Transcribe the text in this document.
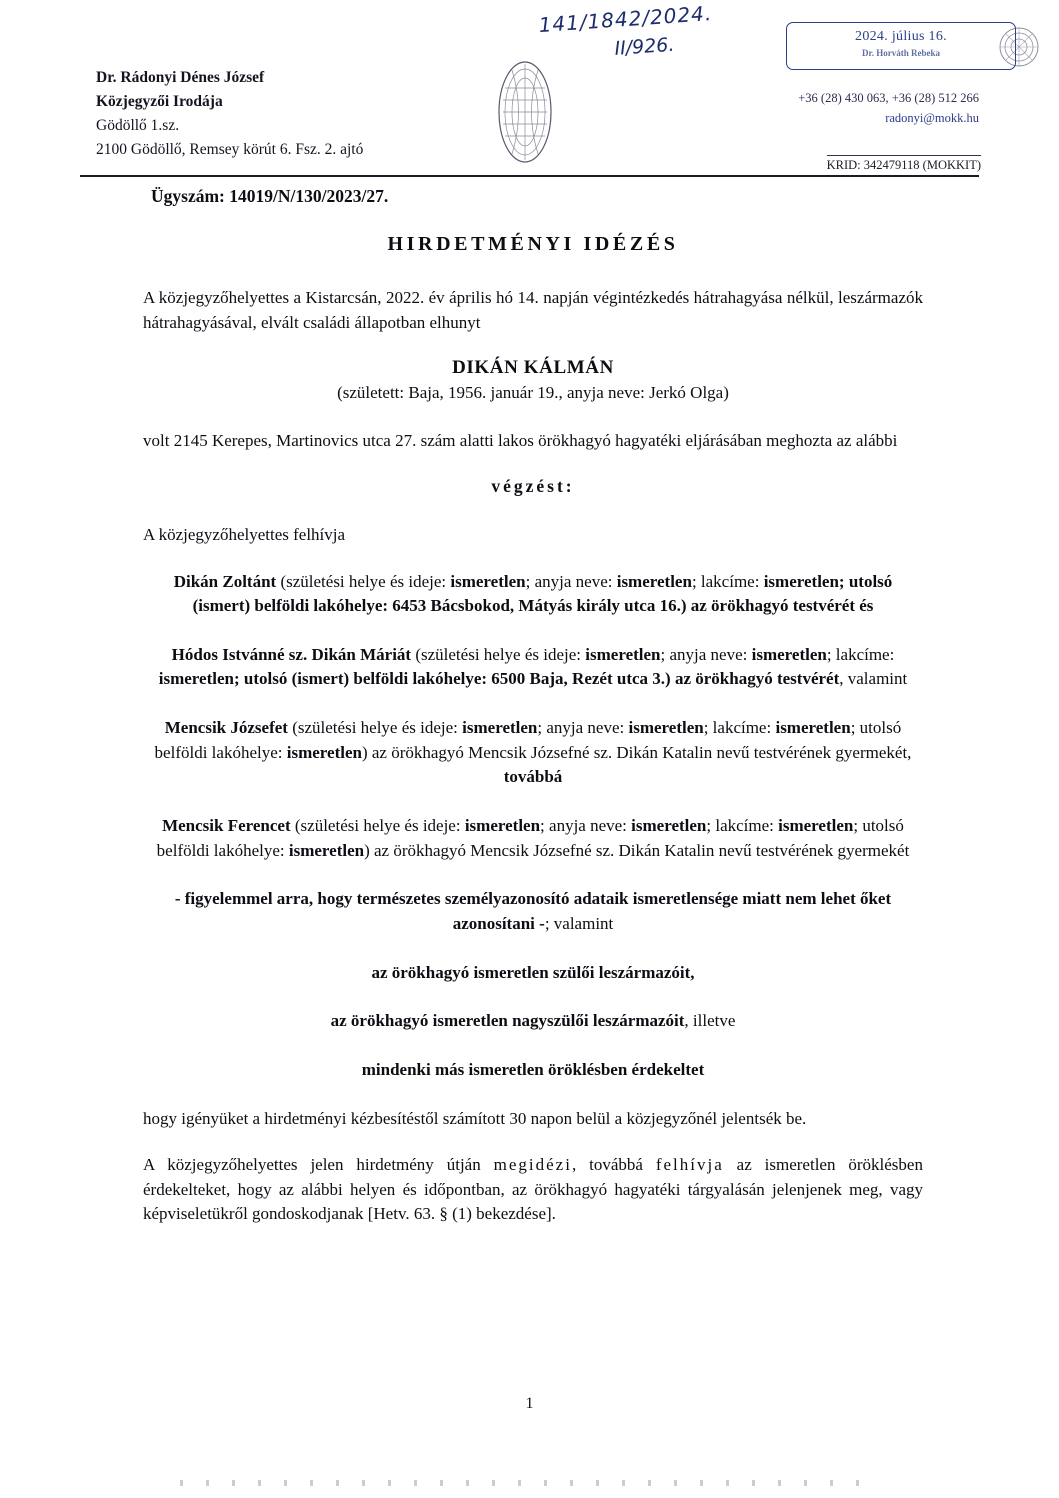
Dr. Rádonyi Dénes József
Közjegyzői Irodája
Gödöllő 1.sz.
2100 Gödöllő, Remsey körút 6. Fsz. 2. ajtó
141/1842/2024.
II/926.	2024. július 16.
Dr. Horváth Rebeka
+36 (28) 430 063, +36 (28) 512 266
radonyi@mokk.hu
KRID: 342479118 (MOKKIT)
Ügyszám: 14019/N/130/2023/27.
HIRDETMÉNYI IDÉZÉS

A közjegyzőhelyettes a Kistarcsán, 2022. év április hó 14. napján végintézkedés hátrahagyása nélkül, leszármazók hátrahagyásával, elvált családi állapotban elhunyt

DIKÁN KÁLMÁN
(született: Baja, 1956. január 19., anyja neve: Jerkó Olga)

volt 2145 Kerepes, Martinovics utca 27. szám alatti lakos örökhagyó hagyatéki eljárásában meghozta az alábbi

végzést:

A közjegyzőhelyettes felhívja

Dikán Zoltánt (születési helye és ideje: ismeretlen; anyja neve: ismeretlen; lakcíme: ismeretlen; utolsó (ismert) belföldi lakóhelye: 6453 Bácsbokod, Mátyás király utca 16.) az örökhagyó testvérét és
Hódos Istvánné sz. Dikán Máriát (születési helye és ideje: ismeretlen; anyja neve: ismeretlen; lakcíme: ismeretlen; utolsó (ismert) belföldi lakóhelye: 6500 Baja, Rezét utca 3.) az örökhagyó testvérét, valamint
Mencsik Józsefet (születési helye és ideje: ismeretlen; anyja neve: ismeretlen; lakcíme: ismeretlen; utolsó belföldi lakóhelye: ismeretlen) az örökhagyó Mencsik Józsefné sz. Dikán Katalin nevű testvérének gyermekét, továbbá
Mencsik Ferencet (születési helye és ideje: ismeretlen; anyja neve: ismeretlen; lakcíme: ismeretlen; utolsó belföldi lakóhelye: ismeretlen) az örökhagyó Mencsik Józsefné sz. Dikán Katalin nevű testvérének gyermekét
- figyelemmel arra, hogy természetes személyazonosító adataik ismeretlensége miatt nem lehet őket azonosítani -; valamint
az örökhagyó ismeretlen szülői leszármazóit,
az örökhagyó ismeretlen nagyszülői leszármazóit, illetve
mindenki más ismeretlen öröklésben érdekeltet

hogy igényüket a hirdetményi kézbesítéstől számított 30 napon belül a közjegyzőnél jelentsék be.

A közjegyzőhelyettes jelen hirdetmény útján megidézi, továbbá felhívja az ismeretlen öröklésben érdekelteket, hogy az alábbi helyen és időpontban, az örökhagyó hagyatéki tárgyalásán jelenjenek meg, vagy képviseletükről gondoskodjanak [Hetv. 63. § (1) bekezdése].

1
